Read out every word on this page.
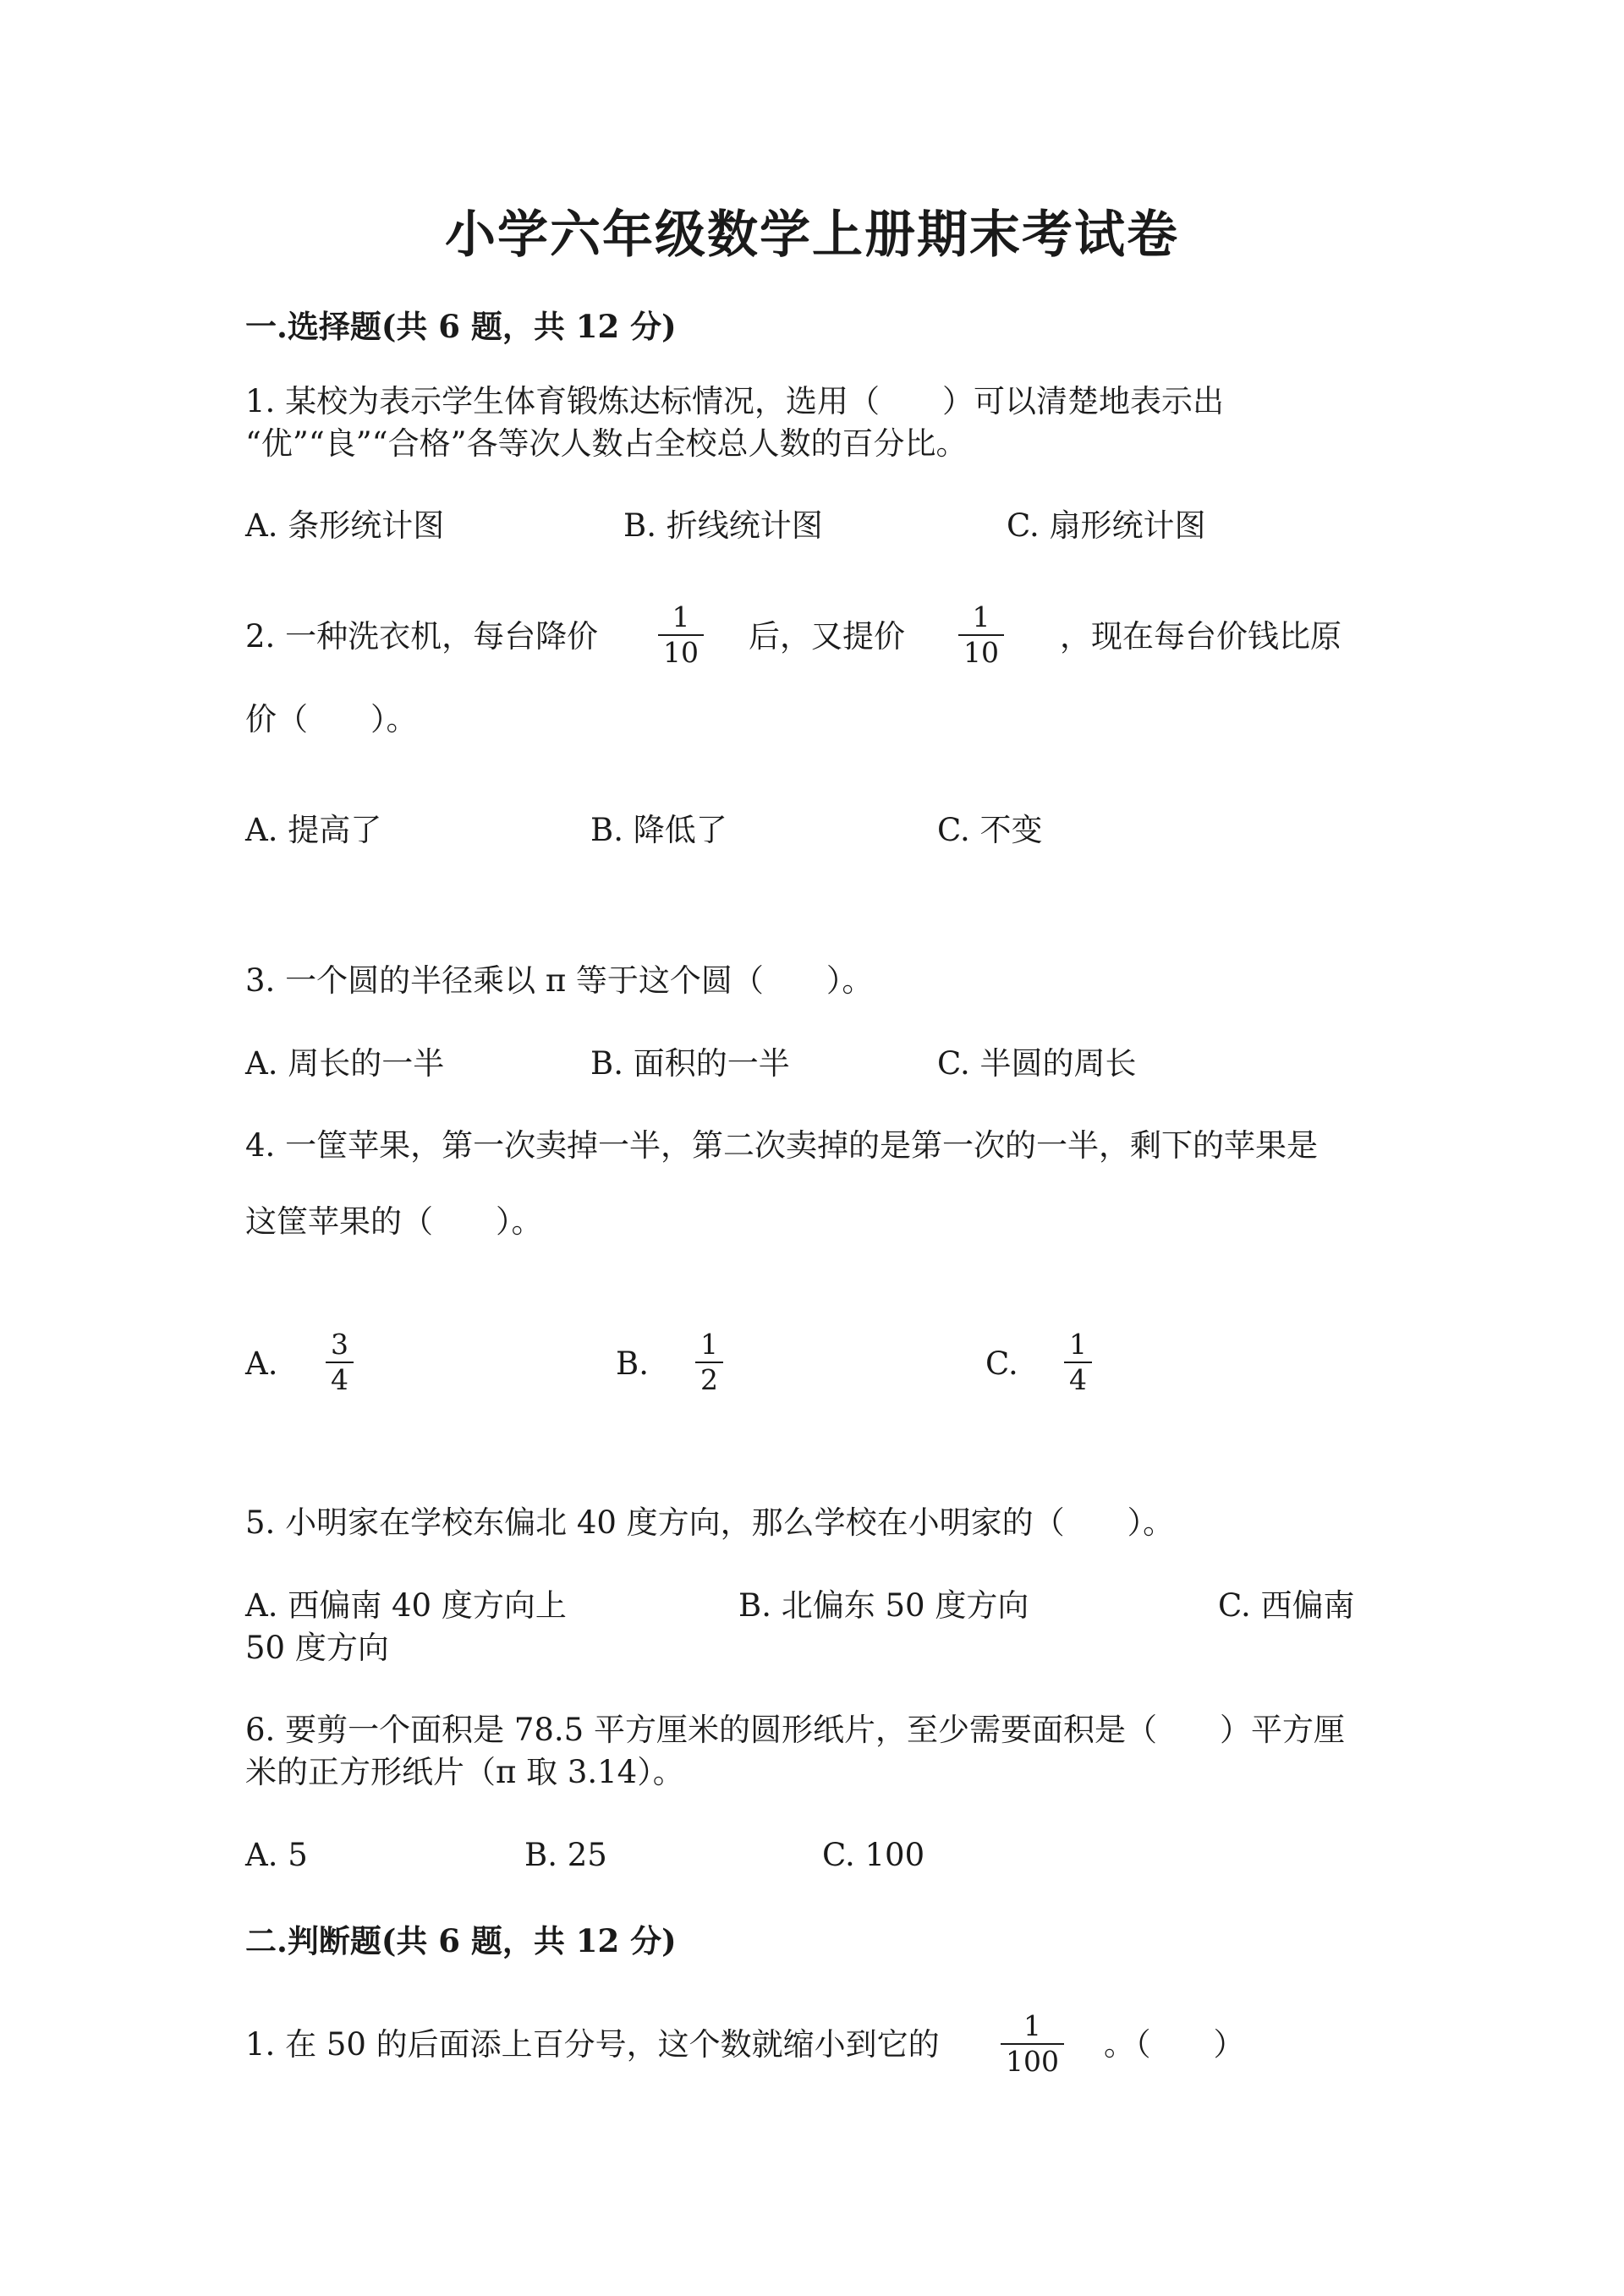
小学六年级数学上册期末考试卷
一.选择题(共 6 题，共 12 分)
1. 某校为表示学生体育锻炼达标情况，选用（　　）可以清楚地表示出
“优”“良”“合格”各等次人数占全校总人数的百分比。
A. 条形统计图	B. 折线统计图	C. 扇形统计图
2. 一种洗衣机，每台降价
1
10 后，又提价
1
10 ，现在每台价钱比原
价（　　）。
A. 提高了	B. 降低了	C. 不变
3. 一个圆的半径乘以 π 等于这个圆（　　）。
A. 周长的一半	B. 面积的一半	C. 半圆的周长
4. 一筐苹果，第一次卖掉一半，第二次卖掉的是第一次的一半，剩下的苹果是
这筐苹果的（　　）。
A.
3
4	B.
1
2	C.
1
4
5. 小明家在学校东偏北 40 度方向，那么学校在小明家的（　　）。
A. 西偏南 40 度方向上	B. 北偏东 50 度方向	C. 西偏南
50 度方向
6. 要剪一个面积是 78.5 平方厘米的圆形纸片，至少需要面积是（　　）平方厘
米的正方形纸片（π 取 3.14）。
A. 5	B. 25	C. 100
二.判断题(共 6 题，共 12 分)
1. 在 50 的后面添上百分号，这个数就缩小到它的
1
100 。（　　）
